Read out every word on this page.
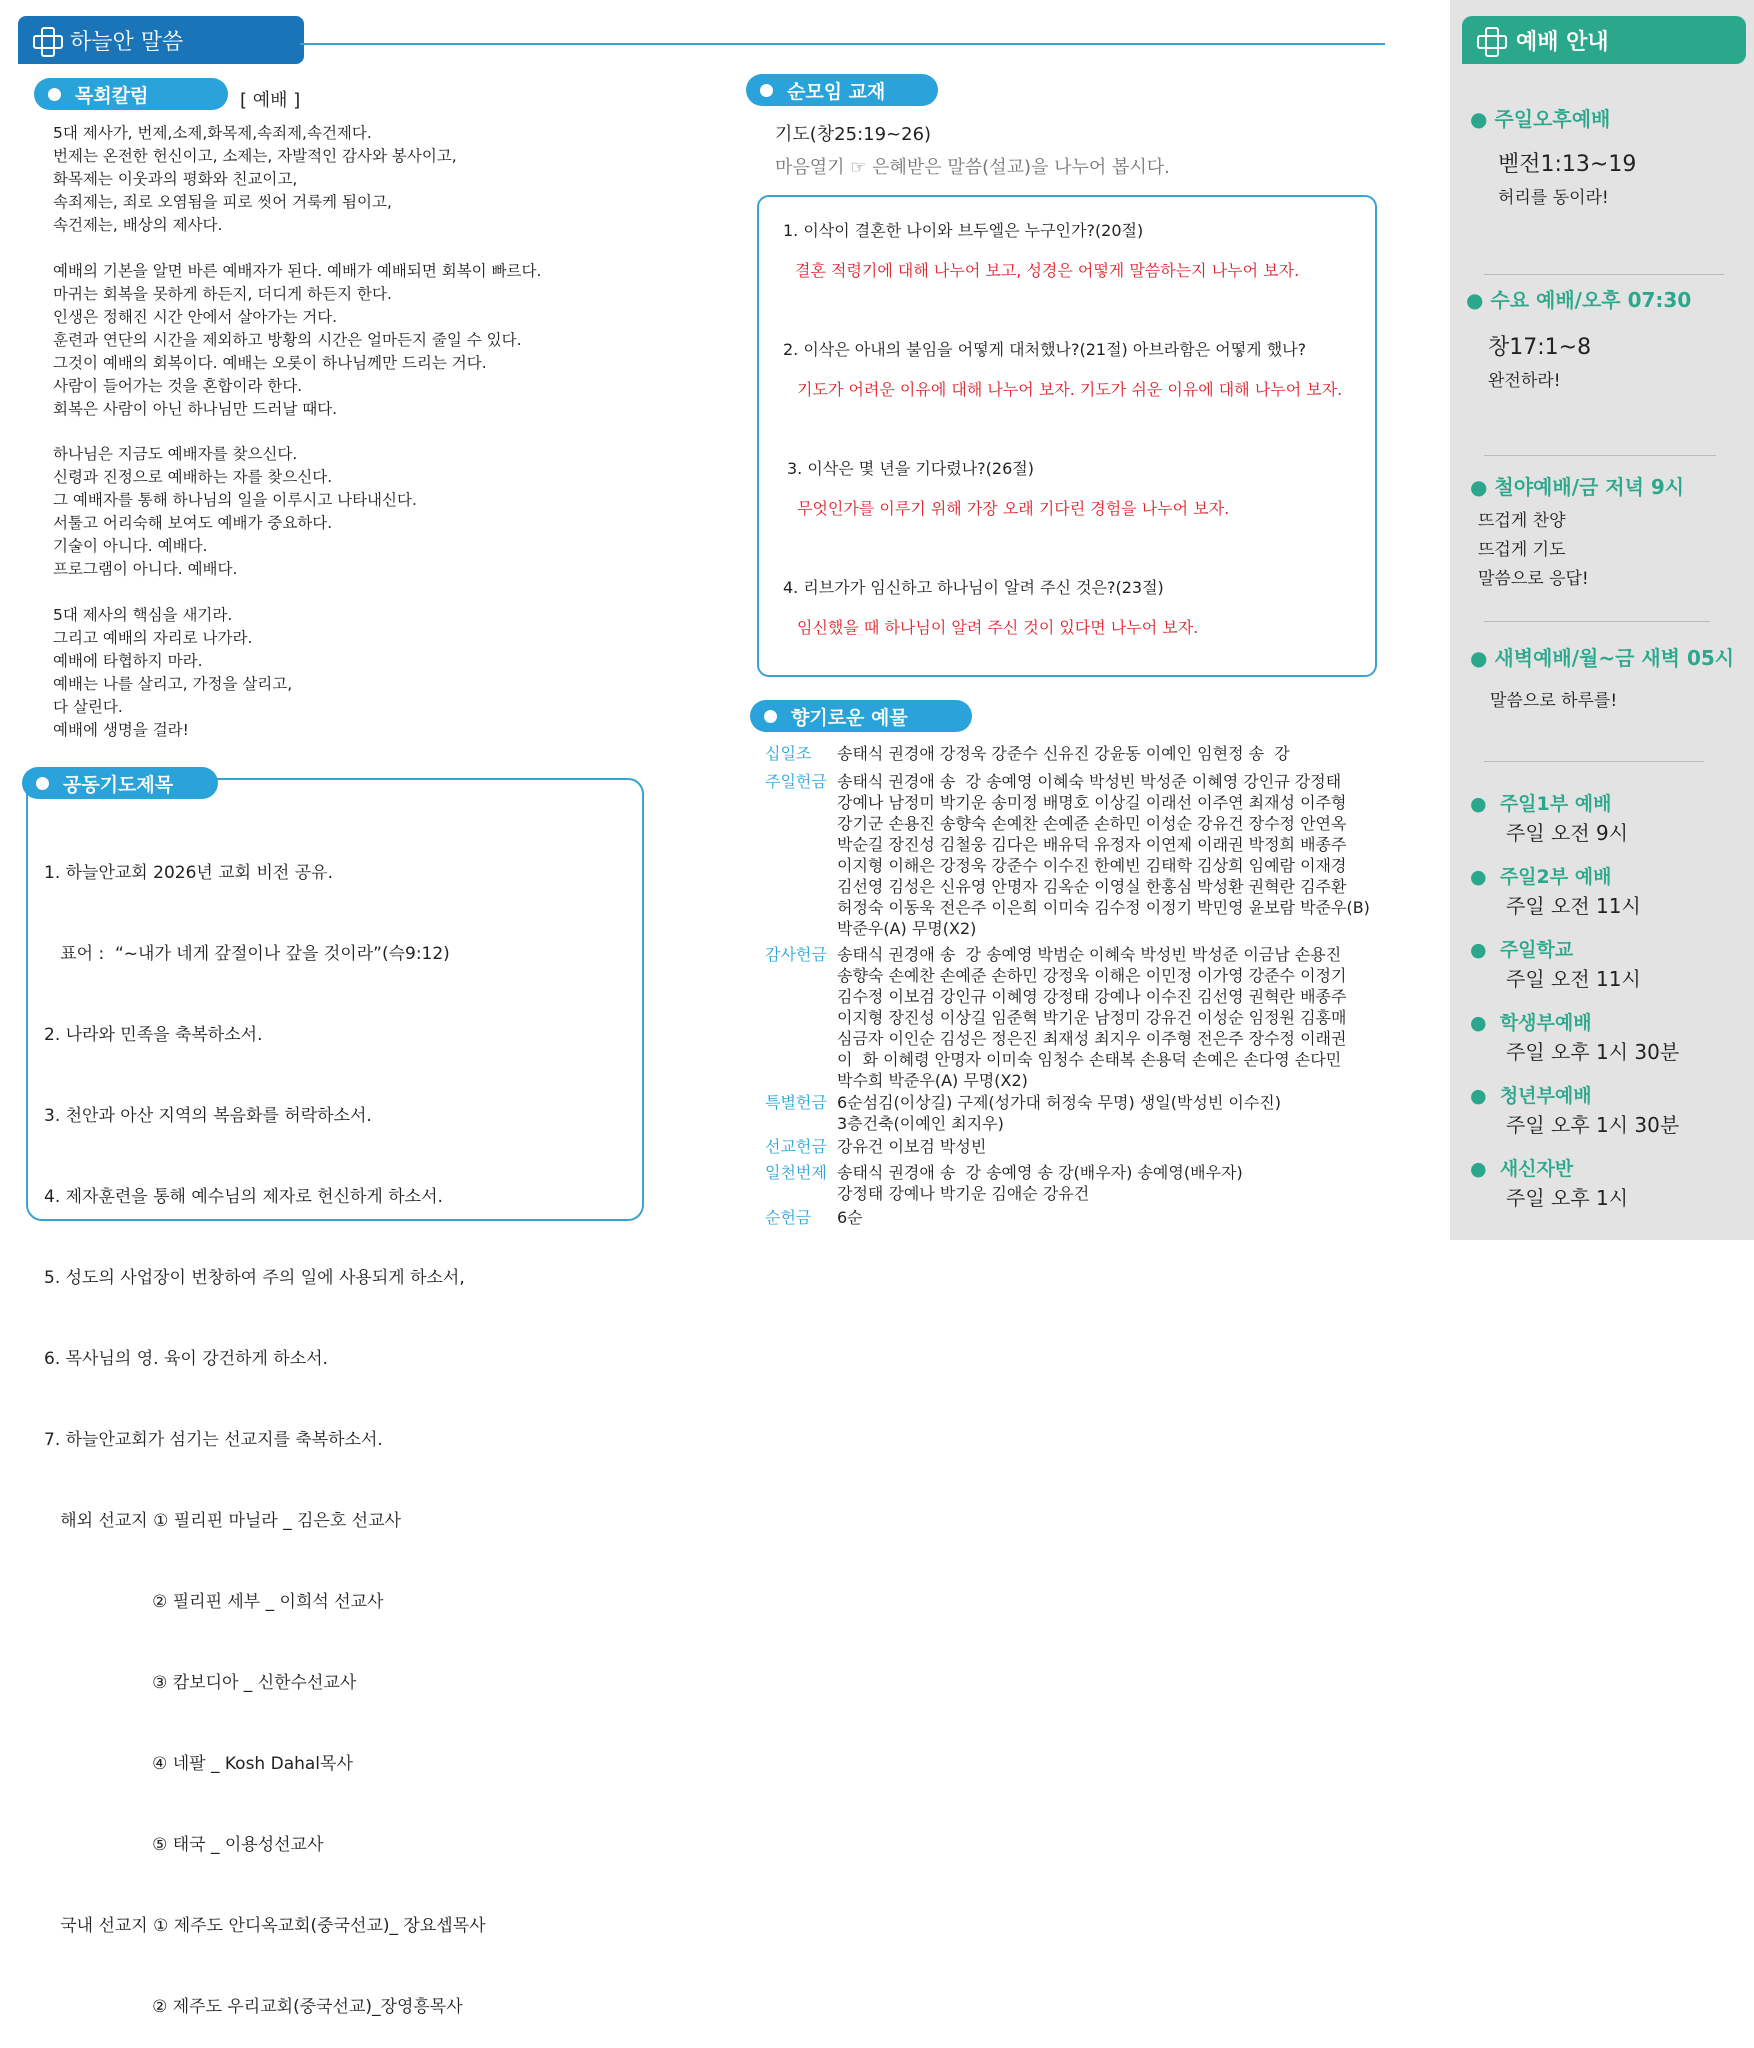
하늘안 말씀
목회칼럼	[ 예배 ]
5대 제사가, 번제,소제,화목제,속죄제,속건제다.
번제는 온전한 헌신이고, 소제는, 자발적인 감사와 봉사이고,
화목제는 이웃과의 평화와 친교이고,
속죄제는, 죄로 오염됨을 피로 씻어 거룩케 됨이고,
속건제는, 배상의 제사다.
예배의 기본을 알면 바른 예배자가 된다. 예배가 예배되면 회복이 빠르다.
마귀는 회복을 못하게 하든지, 더디게 하든지 한다.
인생은 정해진 시간 안에서 살아가는 거다.
훈련과 연단의 시간을 제외하고 방황의 시간은 얼마든지 줄일 수 있다.
그것이 예배의 회복이다. 예배는 오롯이 하나님께만 드리는 거다.
사람이 들어가는 것을 혼합이라 한다.
회복은 사람이 아닌 하나님만 드러날 때다.
하나님은 지금도 예배자를 찾으신다.
신령과 진정으로 예배하는 자를 찾으신다.
그 예배자를 통해 하나님의 일을 이루시고 나타내신다.
서툴고 어리숙해 보여도 예배가 중요하다.
기술이 아니다. 예배다.
프로그램이 아니다. 예배다.
5대 제사의 핵심을 새기라.
그리고 예배의 자리로 나가라.
예배에 타협하지 마라.
예배는 나를 살리고, 가정을 살리고,
다 살린다.
예배에 생명을 걸라!
공동기도제목

1. 하늘안교회 2026년 교회 비전 공유.

표어 :  “~내가 네게 갚절이나 갚을 것이라”(슥9:12)

2. 나라와 민족을 축복하소서.

3. 천안과 아산 지역의 복음화를 허락하소서.

4. 제자훈련을 통해 예수님의 제자로 헌신하게 하소서.

5. 성도의 사업장이 번창하여 주의 일에 사용되게 하소서,

6. 목사님의 영. 육이 강건하게 하소서.

7. 하늘안교회가 섬기는 선교지를 축복하소서.

해외 선교지 ① 필리핀 마닐라 _ 김은호 선교사

② 필리핀 세부 _ 이희석 선교사

③ 캄보디아 _ 신한수선교사

④ 네팔 _ Kosh Dahal목사

⑤ 태국 _ 이용성선교사

국내 선교지 ① 제주도 안디옥교회(중국선교)_ 장요셉목사

② 제주도 우리교회(중국선교)_장영흥목사

순모임 교재
기도(창25:19~26)
마음열기 ☞ 은혜받은 말씀(설교)을 나누어 봅시다.
1. 이삭이 결혼한 나이와 브두엘은 누구인가?(20절)
결혼 적령기에 대해 나누어 보고, 성경은 어떻게 말씀하는지 나누어 보자.
2. 이삭은 아내의 불임을 어떻게 대처했나?(21절) 아브라함은 어떻게 했나?
기도가 어려운 이유에 대해 나누어 보자. 기도가 쉬운 이유에 대해 나누어 보자.
3. 이삭은 몇 년을 기다렸나?(26절)
무엇인가를 이루기 위해 가장 오래 기다린 경험을 나누어 보자.
4. 리브가가 임신하고 하나님이 알려 주신 것은?(23절)
임신했을 때 하나님이 알려 주신 것이 있다면 나누어 보자.
향기로운 예물
십일조	송태식 권경애 강정욱 강준수 신유진 강윤동 이예인 임현정 송  강
주일헌금 송태식 권경애 송  강 송예영 이혜숙 박성빈 박성준 이혜영 강인규 강정태
강예나 남정미 박기운 송미정 배명호 이상길 이래선 이주연 최재성 이주형
강기군 손용진 송향숙 손예찬 손예준 손하민 이성순 강유건 장수정 안연옥
박순길 장진성 김철웅 김다은 배유덕 유정자 이연제 이래권 박정희 배종주
이지형 이해은 강정욱 강준수 이수진 한예빈 김태학 김상희 임예람 이재경
김선영 김성은 신유영 안명자 김옥순 이영실 한홍심 박성환 권혁란 김주환
허정숙 이동욱 전은주 이은희 이미숙 김수정 이정기 박민영 윤보람 박준우(B)
박준우(A) 무명(X2)
감사헌금 송태식 권경애 송  강 송예영 박범순 이혜숙 박성빈 박성준 이금남 손용진
송향숙 손예찬 손예준 손하민 강정욱 이해은 이민정 이가영 강준수 이정기
김수정 이보검 강인규 이혜영 강정태 강예나 이수진 김선영 권혁란 배종주
이지형 장진성 이상길 임준혁 박기운 남정미 강유건 이성순 임정원 김홍매
심금자 이인순 김성은 정은진 최재성 최지우 이주형 전은주 장수정 이래권
이  화 이혜령 안명자 이미숙 임청수 손태복 손용덕 손예은 손다영 손다민
박수희 박준우(A) 무명(X2)
특별헌금 6순섬김(이상길) 구제(성가대 허정숙 무명) 생일(박성빈 이수진)
3층건축(이예인 최지우)
선교헌금 강유건 이보검 박성빈
일천번제 송태식 권경애 송  강 송예영 송 강(배우자) 송예영(배우자)
강정태 강예나 박기운 김애순 강유건
순헌금	6순
예배 안내
● 주일오후예배
벧전1:13~19
허리를 동이라!
● 수요 예배/오후 07:30
창17:1~8
완전하라!
● 철야예배/금 저녁 9시
뜨겁게 찬양
뜨겁게 기도
말씀으로 응답!
● 새벽예배/월~금 새벽 05시
말씀으로 하루를!
●  주일1부 예배
주일 오전 9시
●  주일2부 예배
주일 오전 11시
●  주일학교
주일 오전 11시
●  학생부예배
주일 오후 1시 30분
●  청년부예배
주일 오후 1시 30분
●  새신자반
주일 오후 1시
